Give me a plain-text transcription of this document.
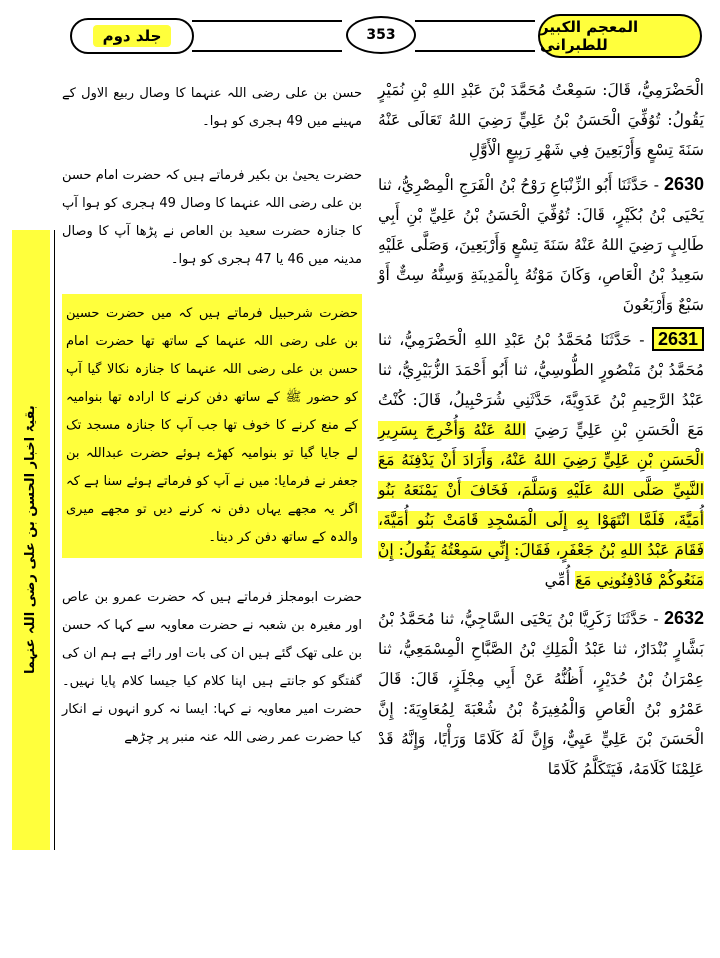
جلد دوم	353	المعجم الکبیر للطبرانی
بقیۃ اخبار الحسن بن علی رضی اللہ عنہما

الْحَضْرَمِيُّ، قَالَ: سَمِعْتُ مُحَمَّدَ بْنَ عَبْدِ اللهِ بْنِ نُمَيْرٍ يَقُولُ: تُوُفِّيَ الْحَسَنُ بْنُ عَلِيٍّ رَضِيَ اللهُ تَعَالَى عَنْهُ سَنَةَ تِسْعٍ وَأَرْبَعِينَ فِي شَهْرِ رَبِيعٍ الْأَوَّلِ

2630 - حَدَّثَنَا أَبُو الزِّنْبَاعِ رَوْحُ بْنُ الْفَرَجِ الْمِصْرِيُّ، ثنا يَحْيَى بْنُ بُكَيْرٍ، قَالَ: تُوُفِّيَ الْحَسَنُ بْنُ عَلِيِّ بْنِ أَبِي طَالِبٍ رَضِيَ اللهُ عَنْهُ سَنَةَ تِسْعٍ وَأَرْبَعِينَ، وَصَلَّى عَلَيْهِ سَعِيدُ بْنُ الْعَاصِ، وَكَانَ مَوْتُهُ بِالْمَدِينَةِ وَسِنُّهُ سِتٌّ أَوْ سَبْعٌ وَأَرْبَعُونَ

2631 - حَدَّثَنَا مُحَمَّدُ بْنُ عَبْدِ اللهِ الْحَضْرَمِيُّ، ثنا مُحَمَّدُ بْنُ مَنْصُورٍ الطُّوسِيُّ، ثنا أَبُو أَحْمَدَ الزُّبَيْرِيُّ، ثنا عَبْدُ الرَّحِيمِ بْنُ عَدَوِيَّةَ، حَدَّثَنِي شُرَحْبِيلُ، قَالَ: كُنْتُ مَعَ الْحَسَنِ بْنِ عَلِيٍّ رَضِيَ اللهُ عَنْهُ وَأُخْرِجَ بِسَرِيرِ الْحَسَنِ بْنِ عَلِيٍّ رَضِيَ اللهُ عَنْهُ، وَأَرَادَ أَنْ يَدْفِنَهُ مَعَ النَّبِيِّ صَلَّى اللهُ عَلَيْهِ وَسَلَّمَ، فَخَافَ أَنْ يَمْنَعَهُ بَنُو أُمَيَّةَ، فَلَمَّا انْتَهَوْا بِهِ إِلَى الْمَسْجِدِ قَامَتْ بَنُو أُمَيَّةَ، فَقَامَ عَبْدُ اللهِ بْنُ جَعْفَرٍ، فَقَالَ: إِنِّي سَمِعْتُهُ يَقُولُ: إِنْ مَنَعُوكُمْ فَادْفِنُونِي مَعَ أُمِّي

2632 - حَدَّثَنَا زَكَرِيَّا بْنُ يَحْيَى السَّاجِيُّ، ثنا مُحَمَّدُ بْنُ بَشَّارٍ بُنْدَارٌ، ثنا عَبْدُ الْمَلِكِ بْنُ الصَّبَّاحِ الْمِسْمَعِيُّ، ثنا عِمْرَانُ بْنُ حُدَيْرٍ، أَظُنُّهُ عَنْ أَبِي مِجْلَزٍ، قَالَ: قَالَ عَمْرُو بْنُ الْعَاصِ وَالْمُغِيرَةُ بْنُ شُعْبَةَ لِمُعَاوِيَةَ: إِنَّ الْحَسَنَ بْنَ عَلِيٍّ عَيِيٌّ، وَإِنَّ لَهُ كَلَامًا وَرَأْيًا، وَإِنَّهُ قَدْ عَلِمْنَا كَلَامَهُ، فَيَتَكَلَّمُ كَلَامًا

حسن بن علی رضی اللہ عنہما کا وصال ربیع الاول کے مہینے میں 49 ہجری کو ہوا۔

حضرت یحییٰ بن بکیر فرماتے ہیں کہ حضرت امام حسن بن علی رضی اللہ عنہما کا وصال 49 ہجری کو ہوا آپ کا جنازہ حضرت سعید بن العاص نے پڑھا آپ کا وصال مدینہ میں 46 یا 47 ہجری کو ہوا۔

حضرت شرحبیل فرماتے ہیں کہ میں حضرت حسین بن علی رضی اللہ عنہما کے ساتھ تھا حضرت امام حسن بن علی رضی اللہ عنہما کا جنازہ نکالا گیا آپ کو حضور ﷺ کے ساتھ دفن کرنے کا ارادہ تھا بنوامیہ کے منع کرنے کا خوف تھا جب آپ کا جنازہ مسجد تک لے جایا گیا تو بنوامیہ کھڑے ہوئے حضرت عبداللہ بن جعفر نے فرمایا: میں نے آپ کو فرماتے ہوئے سنا ہے کہ اگر یہ مجھے یہاں دفن نہ کرنے دیں تو مجھے میری والدہ کے ساتھ دفن کر دینا۔

حضرت ابومجلز فرماتے ہیں کہ حضرت عمرو بن عاص اور مغیرہ بن شعبہ نے حضرت معاویہ سے کہا کہ حسن بن علی تھک گئے ہیں ان کی بات اور رائے ہے ہم ان کی گفتگو کو جانتے ہیں اپنا کلام کیا جیسا کلام پایا نہیں۔ حضرت امیر معاویہ نے کہا: ایسا نہ کرو انہوں نے انکار کیا حضرت عمر رضی اللہ عنہ منبر پر چڑھے
